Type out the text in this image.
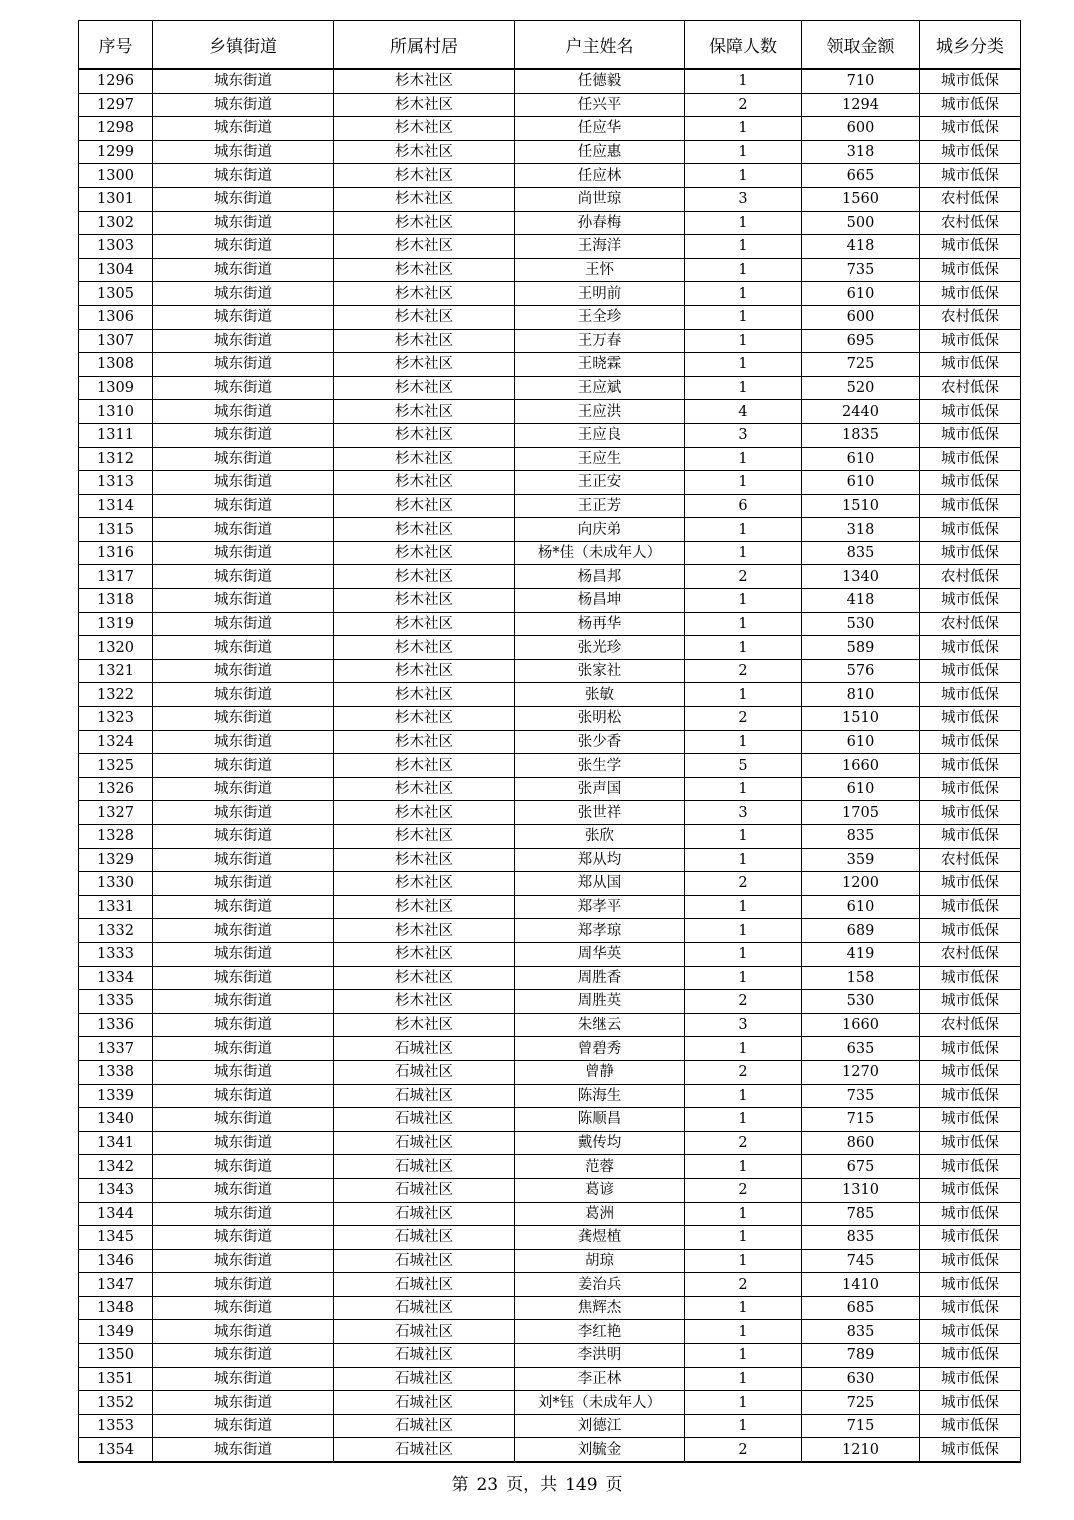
序号	乡镇街道	所属村居	户主姓名	保障人数	领取金额	城乡分类
1296	城东街道	杉木社区	任德毅	1	710	城市低保
1297	城东街道	杉木社区	任兴平	2	1294	城市低保
1298	城东街道	杉木社区	任应华	1	600	城市低保
1299	城东街道	杉木社区	任应惠	1	318	城市低保
1300	城东街道	杉木社区	任应林	1	665	城市低保
1301	城东街道	杉木社区	尚世琼	3	1560	农村低保
1302	城东街道	杉木社区	孙春梅	1	500	农村低保
1303	城东街道	杉木社区	王海洋	1	418	城市低保
1304	城东街道	杉木社区	王怀	1	735	城市低保
1305	城东街道	杉木社区	王明前	1	610	城市低保
1306	城东街道	杉木社区	王全珍	1	600	农村低保
1307	城东街道	杉木社区	王万春	1	695	城市低保
1308	城东街道	杉木社区	王晓霖	1	725	城市低保
1309	城东街道	杉木社区	王应斌	1	520	农村低保
1310	城东街道	杉木社区	王应洪	4	2440	城市低保
1311	城东街道	杉木社区	王应良	3	1835	城市低保
1312	城东街道	杉木社区	王应生	1	610	城市低保
1313	城东街道	杉木社区	王正安	1	610	城市低保
1314	城东街道	杉木社区	王正芳	6	1510	城市低保
1315	城东街道	杉木社区	向庆弟	1	318	城市低保
1316	城东街道	杉木社区	杨*佳（未成年人）	1	835	城市低保
1317	城东街道	杉木社区	杨昌邦	2	1340	农村低保
1318	城东街道	杉木社区	杨昌坤	1	418	城市低保
1319	城东街道	杉木社区	杨再华	1	530	农村低保
1320	城东街道	杉木社区	张光珍	1	589	城市低保
1321	城东街道	杉木社区	张家社	2	576	城市低保
1322	城东街道	杉木社区	张敏	1	810	城市低保
1323	城东街道	杉木社区	张明松	2	1510	城市低保
1324	城东街道	杉木社区	张少香	1	610	城市低保
1325	城东街道	杉木社区	张生学	5	1660	城市低保
1326	城东街道	杉木社区	张声国	1	610	城市低保
1327	城东街道	杉木社区	张世祥	3	1705	城市低保
1328	城东街道	杉木社区	张欣	1	835	城市低保
1329	城东街道	杉木社区	郑从均	1	359	农村低保
1330	城东街道	杉木社区	郑从国	2	1200	城市低保
1331	城东街道	杉木社区	郑孝平	1	610	城市低保
1332	城东街道	杉木社区	郑孝琼	1	689	城市低保
1333	城东街道	杉木社区	周华英	1	419	农村低保
1334	城东街道	杉木社区	周胜香	1	158	城市低保
1335	城东街道	杉木社区	周胜英	2	530	城市低保
1336	城东街道	杉木社区	朱继云	3	1660	农村低保
1337	城东街道	石城社区	曾碧秀	1	635	城市低保
1338	城东街道	石城社区	曾静	2	1270	城市低保
1339	城东街道	石城社区	陈海生	1	735	城市低保
1340	城东街道	石城社区	陈顺昌	1	715	城市低保
1341	城东街道	石城社区	戴传均	2	860	城市低保
1342	城东街道	石城社区	范蓉	1	675	城市低保
1343	城东街道	石城社区	葛谚	2	1310	城市低保
1344	城东街道	石城社区	葛洲	1	785	城市低保
1345	城东街道	石城社区	龚煜植	1	835	城市低保
1346	城东街道	石城社区	胡琼	1	745	城市低保
1347	城东街道	石城社区	姜治兵	2	1410	城市低保
1348	城东街道	石城社区	焦辉杰	1	685	城市低保
1349	城东街道	石城社区	李红艳	1	835	城市低保
1350	城东街道	石城社区	李洪明	1	789	城市低保
1351	城东街道	石城社区	李正林	1	630	城市低保
1352	城东街道	石城社区	刘*钰（未成年人）	1	725	城市低保
1353	城东街道	石城社区	刘德江	1	715	城市低保
1354	城东街道	石城社区	刘毓金	2	1210	城市低保
第 23 页，共 149 页
